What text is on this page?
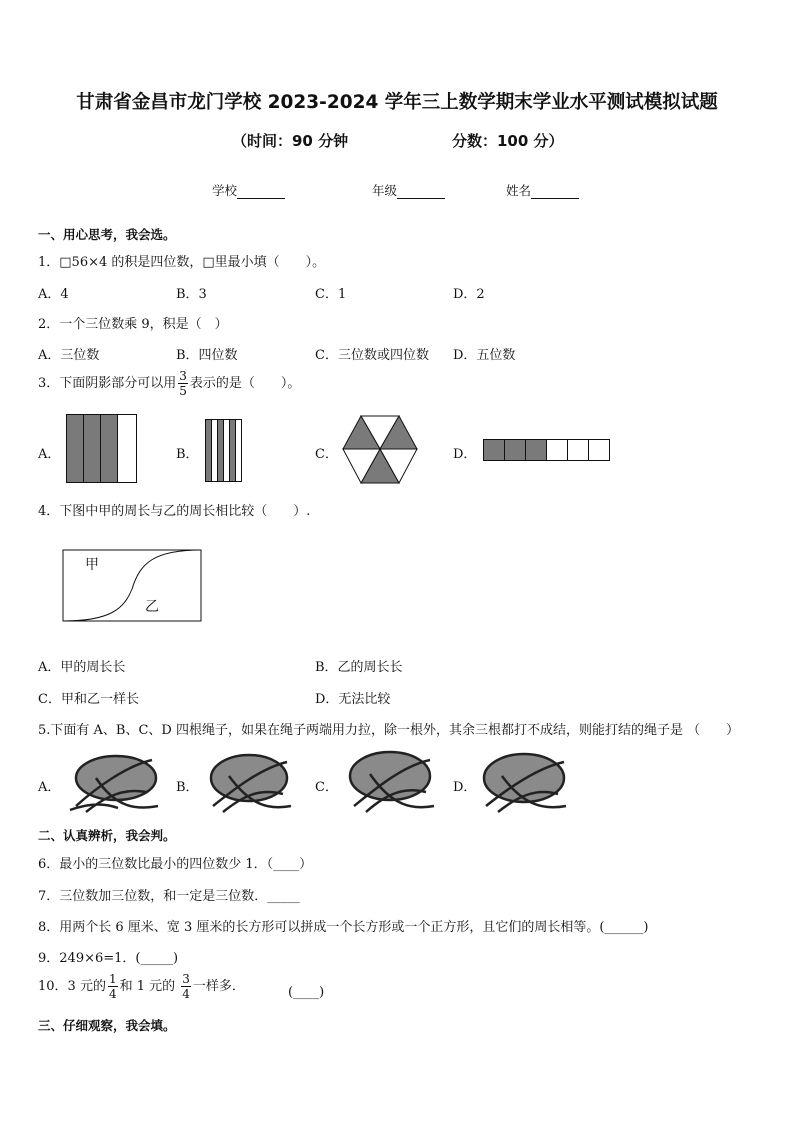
甘肃省金昌市龙门学校 2023-2024 学年三上数学期末学业水平测试模拟试题
（时间：90 分钟	分数：100 分）
学校	年级	姓名
一、用心思考，我会选。
1．□56×4 的积是四位数，□里最小填（　　）。
A．4	B．3	C．1	D．2
2．一个三位数乘 9，积是（　）
A．三位数	B．四位数	C．三位数或四位数 D．五位数
3．下面阴影部分可以用 $\frac{3}{5}$ 表示的是（　　）。
A．	B．	C．	D．
4．下图中甲的周长与乙的周长相比较（　　）.
甲
乙
A．甲的周长长	B．乙的周长长
C．甲和乙一样长	D．无法比较
5.下面有 A、B、C、D 四根绳子，如果在绳子两端用力拉，除一根外，其余三根都打不成结，则能打结的绳子是 （　　）
A．	B．	C．	D．
二、认真辨析，我会判。
6．最小的三位数比最小的四位数少 1．（____）
7．三位数加三位数，和一定是三位数．_____
8．用两个长 6 厘米、宽 3 厘米的长方形可以拼成一个长方形或一个正方形，且它们的周长相等。(______)
9．249×6=1．(_____)
10．3 元的 $\frac{1}{4}$ 和 1 元的 $\frac{3}{4}$ 一样多．	(____)
三、仔细观察，我会填。
